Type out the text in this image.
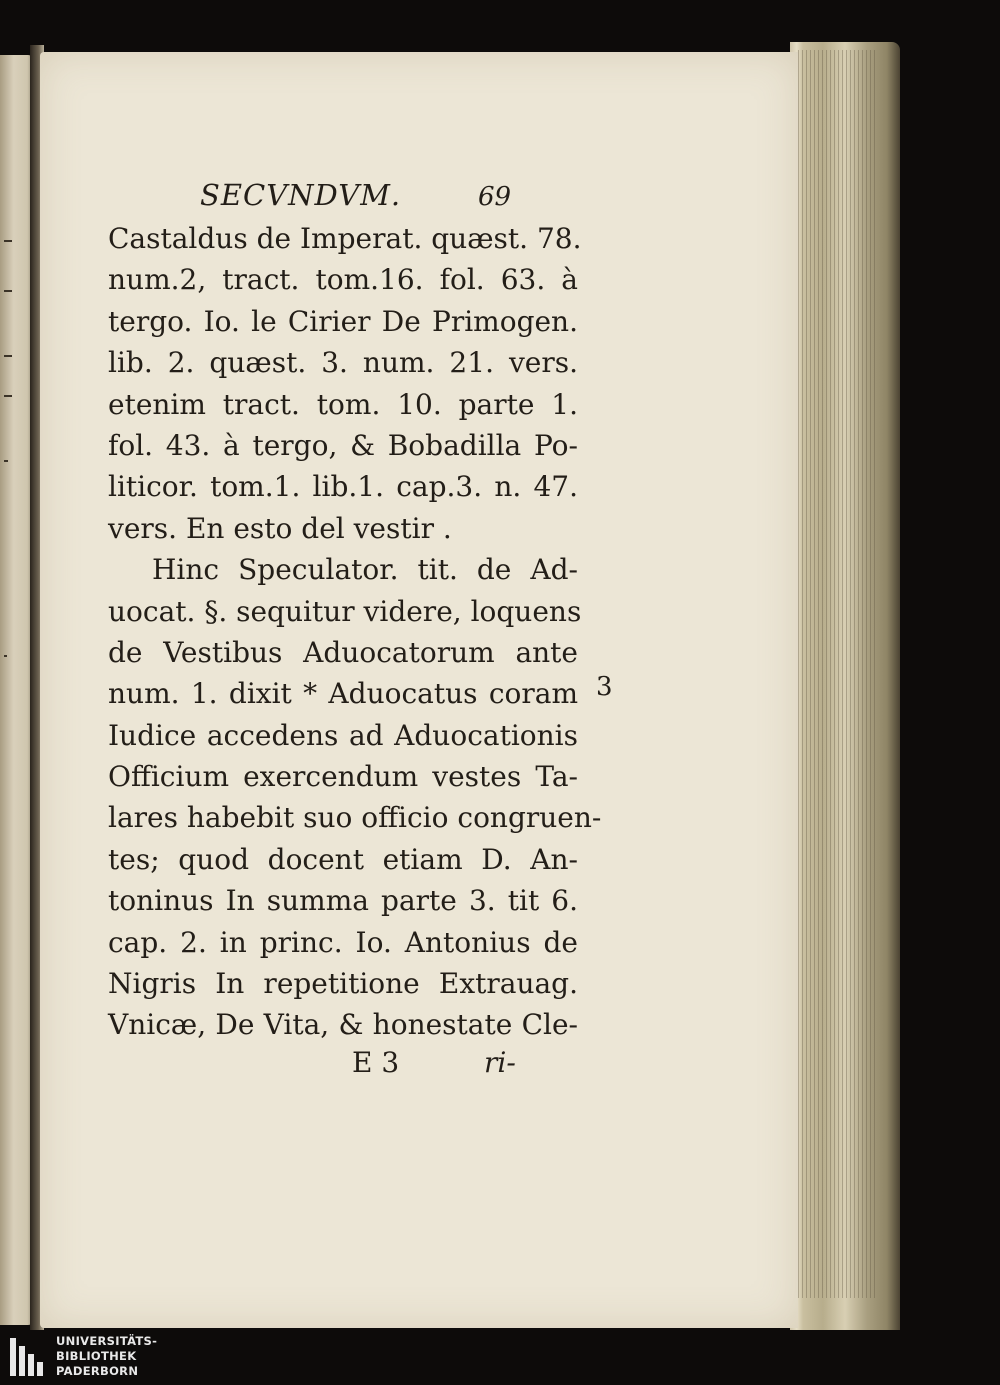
SECVNDVM.	69
Castaldus de Imperat. quæst. 78.
num.2, tract. tom.16. fol. 63. à
tergo. Io. le Cirier De Primogen.
lib. 2. quæst. 3. num. 21. vers.
etenim tract. tom. 10. parte 1.
fol. 43. à tergo, & Bobadilla Po-
liticor. tom.1. lib.1. cap.3. n. 47.
vers. En esto del vestir .
Hinc Speculator. tit. de Ad-
uocat. §. sequitur videre, loquens
de Vestibus Aduocatorum ante
num. 1. dixit * Aduocatus coram
Iudice accedens ad Aduocationis
Officium exercendum vestes Ta-
lares habebit suo officio congruen-
tes; quod docent etiam D. An-
toninus In summa parte 3. tit 6.
cap. 2. in princ. Io. Antonius de
Nigris In repetitione Extrauag.
Vnicæ, De Vita, & honestate Cle-
E 3	ri-
3
UNIVERSITÄTS-
BIBLIOTHEK
PADERBORN
